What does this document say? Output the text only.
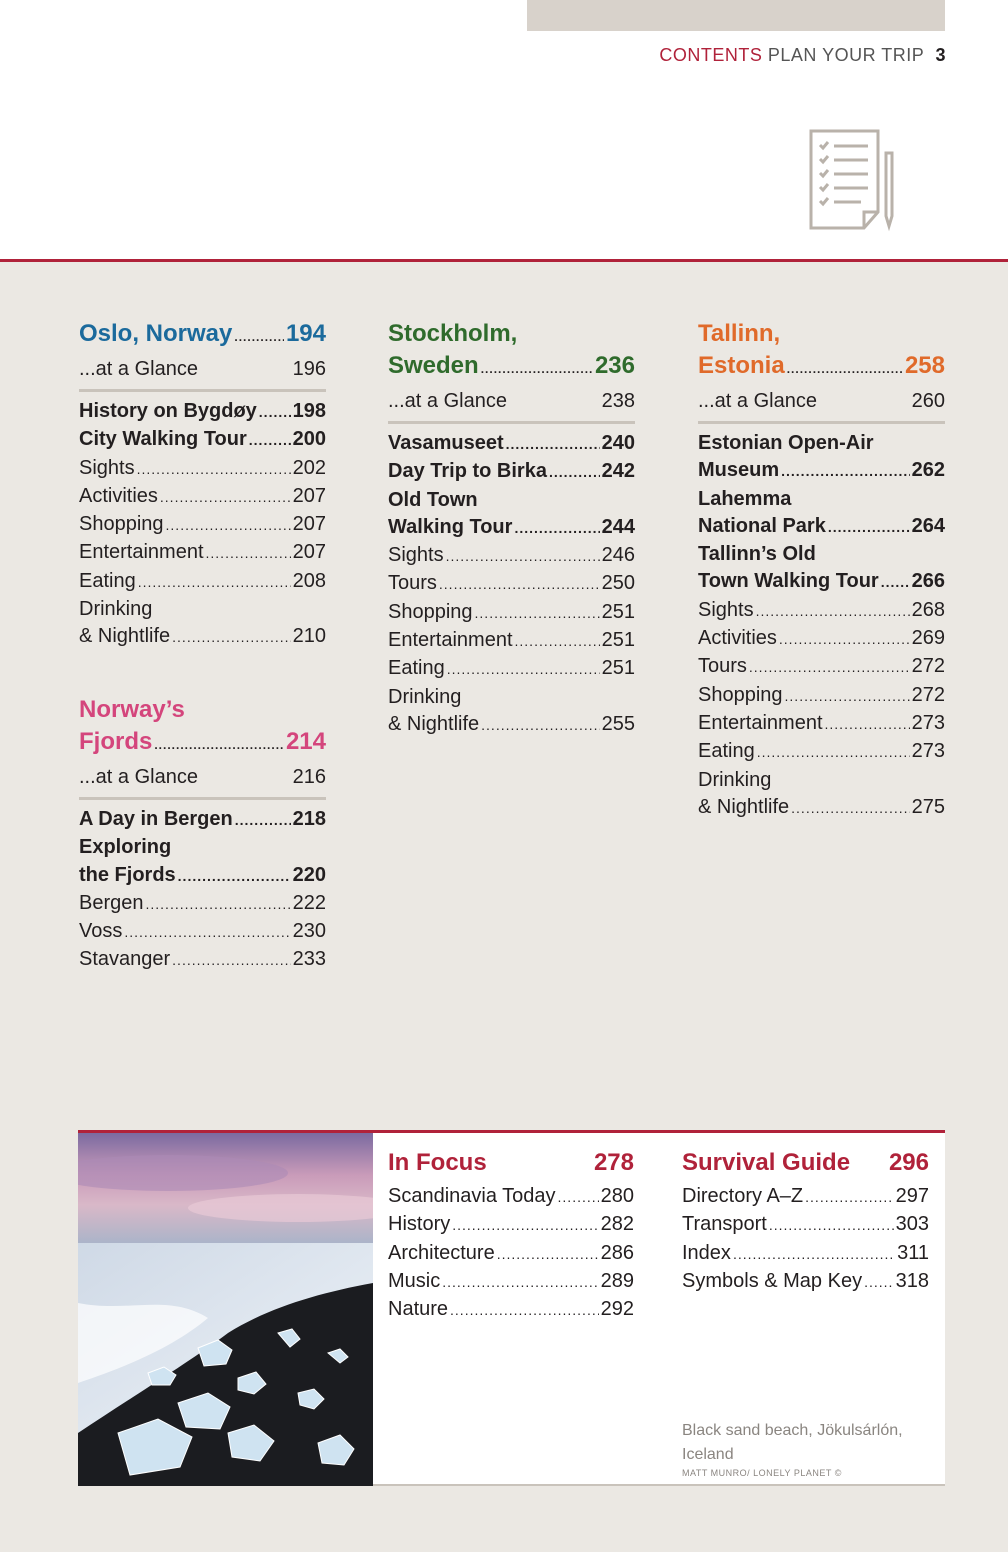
CONTENTS PLAN YOUR TRIP 3
Oslo, Norway ..... 194
...at a Glance	196
History on Bygdøy ..... 198
City Walking Tour ..... 200
Sights .....	202
Activities .....	207
Shopping .....	207
Entertainment .....	207
Eating .....	208
Drinking
& Nightlife .....	210
Norway’s
Fjords .....	214
...at a Glance	216
A Day in Bergen .....	218
Exploring
the Fjords .....	220
Bergen .....	222
Voss .....	230
Stavanger .....	233
Stockholm,
Sweden .....	236
...at a Glance	238
Vasamuseet .....	240
Day Trip to Birka .....	242
Old Town
Walking Tour .....	244
Sights .....	246
Tours .....	250
Shopping .....	251
Entertainment .....	251
Eating .....	251
Drinking
& Nightlife .....	255
Tallinn,
Estonia .....	258
...at a Glance	260
Estonian Open-Air
Museum .....	262
Lahemma
National Park .....	264
Tallinn’s Old
Town Walking Tour ..... 266
Sights .....	268
Activities .....	269
Tours .....	272
Shopping .....	272
Entertainment .....	273
Eating .....	273
Drinking
& Nightlife .....	275
In Focus	278
Scandinavia Today ..... 280
History .....	282
Architecture .....	286
Music .....	289
Nature .....	292
Survival Guide 296
Directory A–Z .....	297
Transport .....	303
Index .....	311
Symbols & Map Key ..... 318
Black sand beach, Jökulsárlón, Iceland
MATT MUNRO/ LONELY PLANET ©
